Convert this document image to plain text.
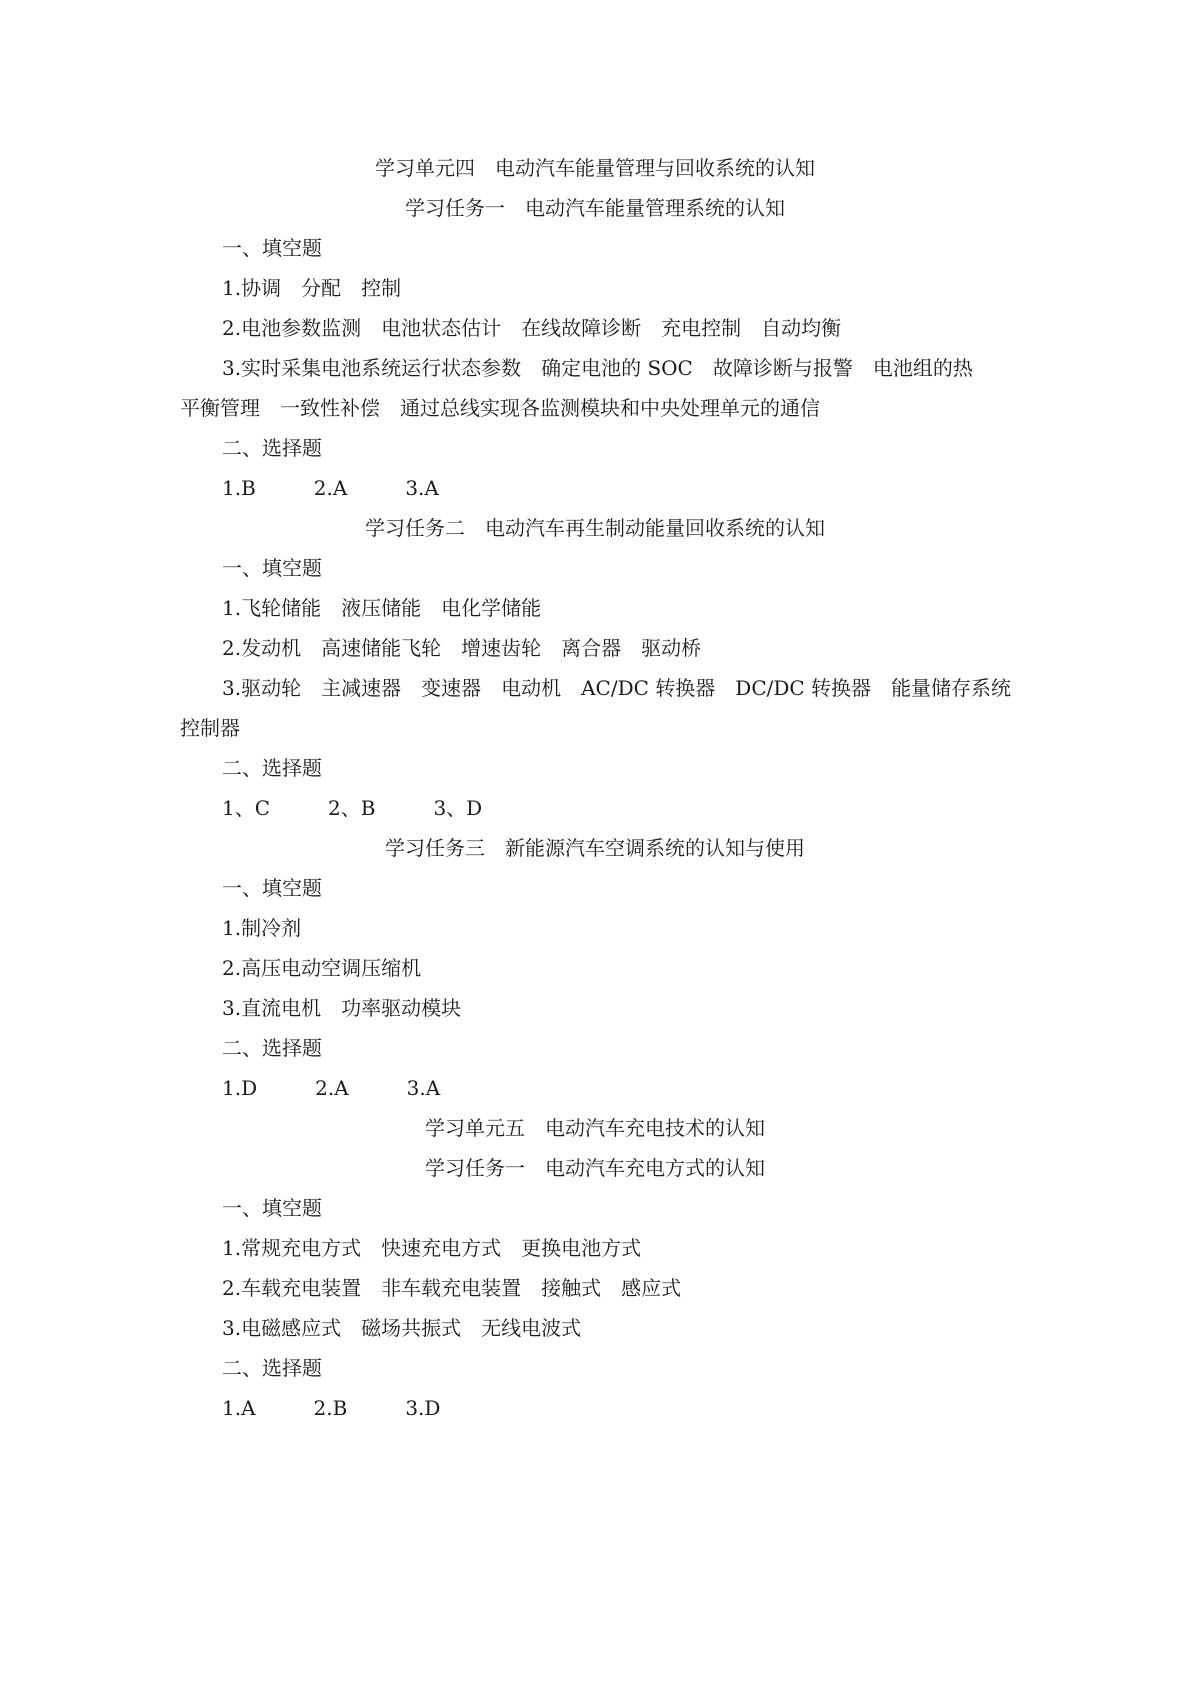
学习单元四　电动汽车能量管理与回收系统的认知
学习任务一　电动汽车能量管理系统的认知
一、填空题
1.协调 分配 控制
2.电池参数监测 电池状态估计 在线故障诊断 充电控制 自动均衡
3.实时采集电池系统运行状态参数 确定电池的 SOC 故障诊断与报警 电池组的热
平衡管理 一致性补偿 通过总线实现各监测模块和中央处理单元的通信
二、选择题
1.B	2.A	3.A
学习任务二　电动汽车再生制动能量回收系统的认知
一、填空题
1.飞轮储能 液压储能 电化学储能
2.发动机 高速储能飞轮 增速齿轮 离合器 驱动桥
3.驱动轮 主减速器 变速器 电动机 AC/DC 转换器 DC/DC 转换器 能量储存系统
控制器
二、选择题
1、C	2、B	3、D
学习任务三　新能源汽车空调系统的认知与使用
一、填空题
1.制冷剂
2.高压电动空调压缩机
3.直流电机 功率驱动模块
二、选择题
1.D	2.A	3.A
学习单元五　电动汽车充电技术的认知
学习任务一　电动汽车充电方式的认知
一、填空题
1.常规充电方式 快速充电方式 更换电池方式
2.车载充电装置 非车载充电装置 接触式 感应式
3.电磁感应式 磁场共振式 无线电波式
二、选择题
1.A	2.B	3.D
